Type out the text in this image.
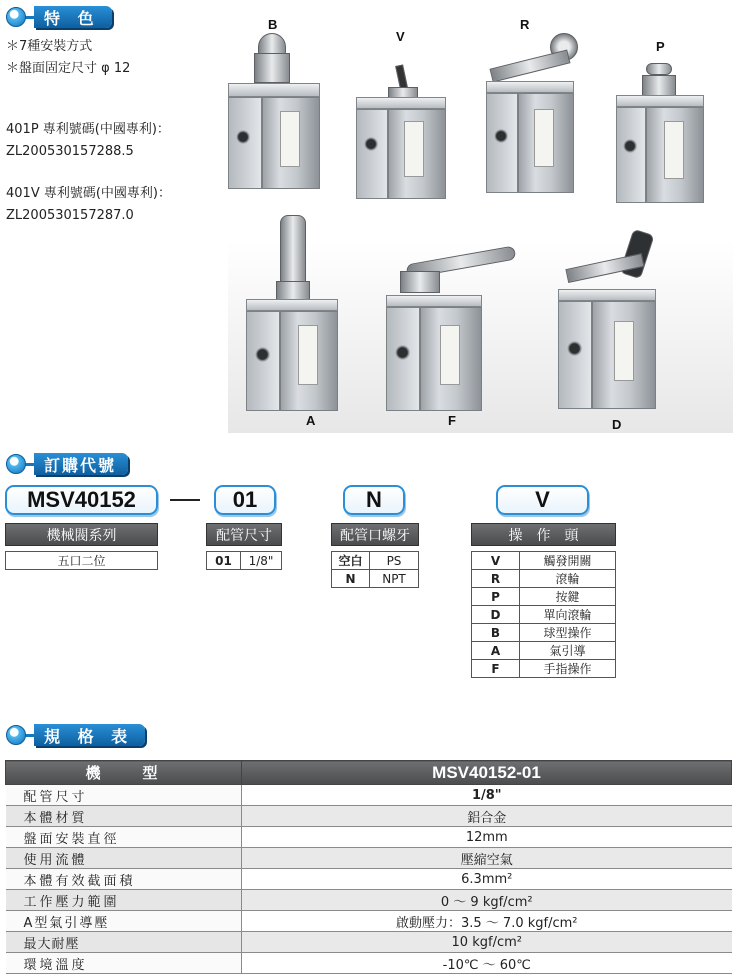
特 色
＊7種安裝方式
＊盤面固定尺寸 φ 12
401P 專利號碼(中國專利)：
ZL200530157288.5
401V 專利號碼(中國專利)：
ZL200530157287.0
B
V
R
P
A	F	D
訂購代號
MSV40152	01	N	V
機械閥系列
五口二位
配管尺寸
01	1/8"
配管口螺牙
空白	PS
N	NPT
操　作　頭
V	觸發開關
R	滾輪
P	按鍵
D	單向滾輪
B	球型操作
A	氣引導
F	手指操作
規 格 表
機　　型	MSV40152-01
配管尺寸	1/8"
本體材質	鋁合金
盤面安裝直徑	12mm
使用流體	壓縮空氣
本體有效截面積	6.3mm²
工作壓力範圍	0 ～ 9 kgf/cm²
A型氣引導壓	啟動壓力：3.5 ～ 7.0 kgf/cm²
最大耐壓	10 kgf/cm²
環境溫度	-10℃ ～ 60℃
